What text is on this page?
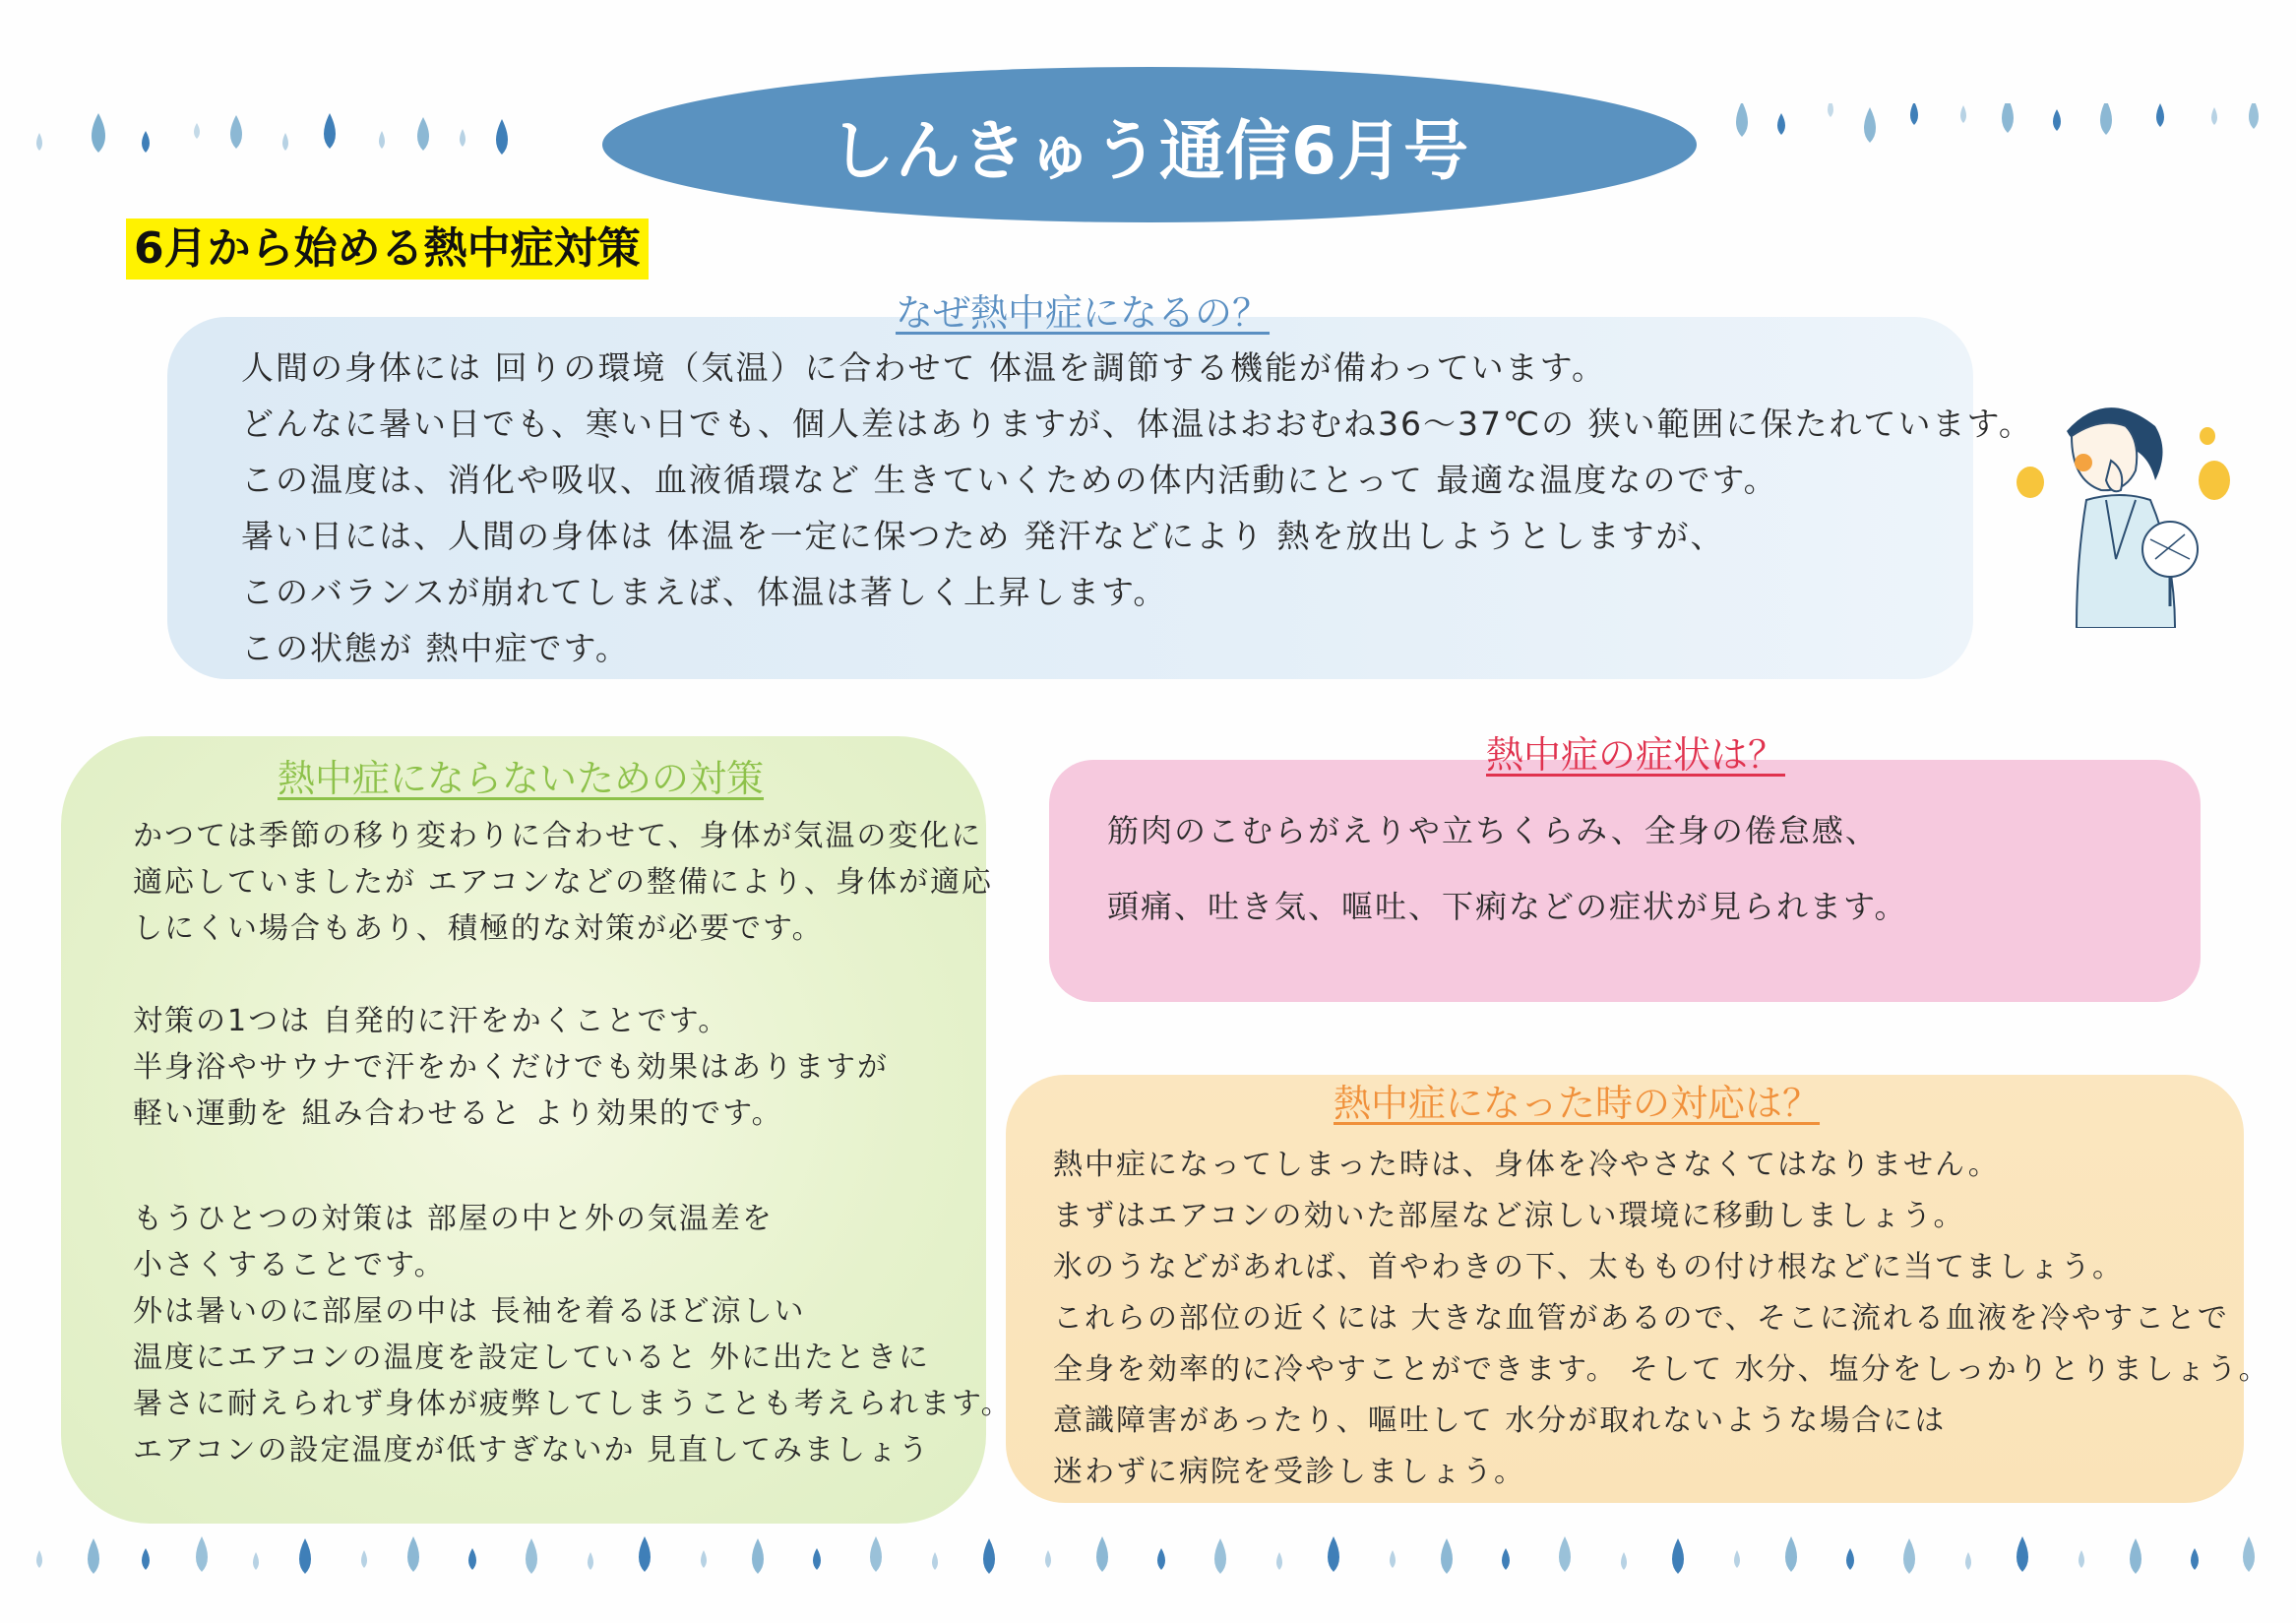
しんきゅう通信6月号
6月から始める熱中症対策
なぜ熱中症になるの？
熱中症にならないための対策
熱中症の症状は？
熱中症になった時の対応は？
人間の身体には 回りの環境（気温）に合わせて 体温を調節する機能が備わっています。
どんなに暑い日でも、寒い日でも、個人差はありますが、体温はおおむね36～37℃の 狭い範囲に保たれています。
この温度は、消化や吸収、血液循環など 生きていくための体内活動にとって 最適な温度なのです。
暑い日には、人間の身体は 体温を一定に保つため 発汗などにより 熱を放出しようとしますが、
このバランスが崩れてしまえば、体温は著しく上昇します。
この状態が 熱中症です。
かつては季節の移り変わりに合わせて、身体が気温の変化に
適応していましたが エアコンなどの整備により、身体が適応
しにくい場合もあり、積極的な対策が必要です。
対策の1つは 自発的に汗をかくことです。
半身浴やサウナで汗をかくだけでも効果はありますが
軽い運動を 組み合わせると より効果的です。
もうひとつの対策は 部屋の中と外の気温差を
小さくすることです。
外は暑いのに部屋の中は 長袖を着るほど涼しい
温度にエアコンの温度を設定していると 外に出たときに
暑さに耐えられず身体が疲弊してしまうことも考えられます。
エアコンの設定温度が低すぎないか 見直してみましょう
筋肉のこむらがえりや立ちくらみ、全身の倦怠感、
頭痛、吐き気、嘔吐、下痢などの症状が見られます。
熱中症になってしまった時は、身体を冷やさなくてはなりません。
まずはエアコンの効いた部屋など涼しい環境に移動しましょう。
氷のうなどがあれば、首やわきの下、太ももの付け根などに当てましょう。
これらの部位の近くには 大きな血管があるので、そこに流れる血液を冷やすことで
全身を効率的に冷やすことができます。 そして 水分、塩分をしっかりとりましょう。
意識障害があったり、嘔吐して 水分が取れないような場合には
迷わずに病院を受診しましょう。
